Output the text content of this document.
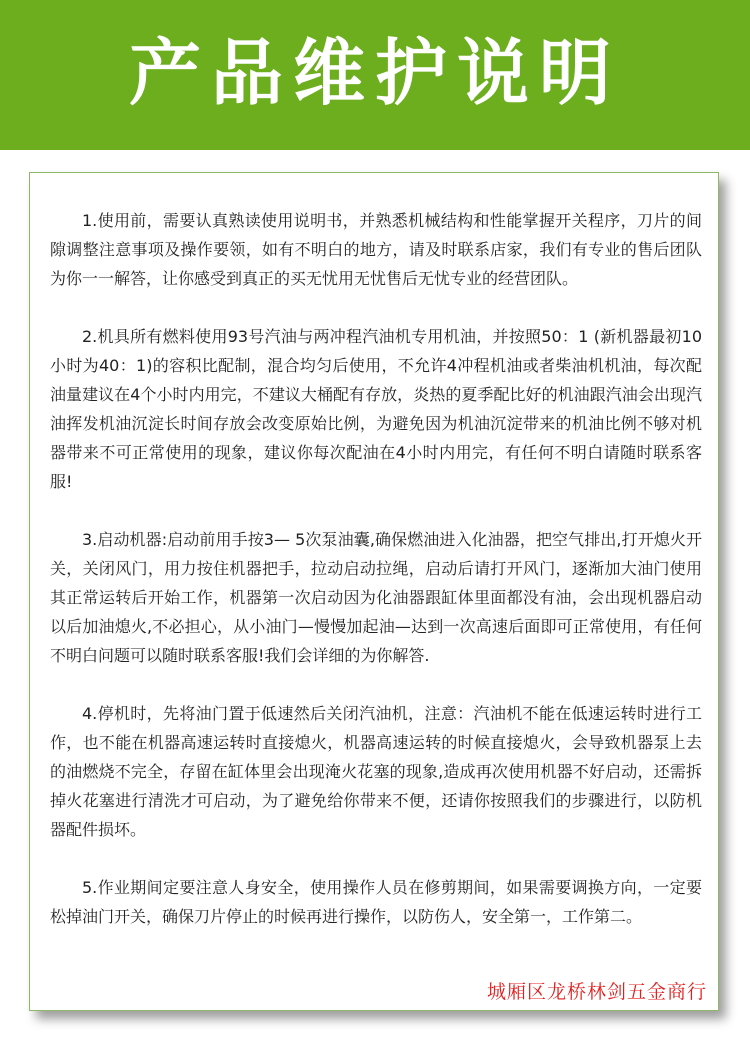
产品维护说明

1.使用前，需要认真熟读使用说明书，并熟悉机械结构和性能掌握开关程序，刀片的间隙调整注意事项及操作要领，如有不明白的地方，请及时联系店家，我们有专业的售后团队为你一一解答，让你感受到真正的买无忧用无忧售后无忧专业的经营团队。

2.机具所有燃料使用93号汽油与两冲程汽油机专用机油，并按照50：1 (新机器最初10小时为40：1)的容积比配制，混合均匀后使用，不允许4冲程机油或者柴油机机油，每次配油量建议在4个小时内用完，不建议大桶配有存放，炎热的夏季配比好的机油跟汽油会出现汽油挥发机油沉淀长时间存放会改变原始比例，为避免因为机油沉淀带来的机油比例不够对机器带来不可正常使用的现象，建议你每次配油在4小时内用完，有任何不明白请随时联系客服!

3.启动机器:启动前用手按3— 5次泵油囊,确保燃油进入化油器，把空气排出,打开熄火开关，关闭风门，用力按住机器把手，拉动启动拉绳，启动后请打开风门，逐渐加大油门使用其正常运转后开始工作，机器第一次启动因为化油器跟缸体里面都没有油，会出现机器启动以后加油熄火,不必担心，从小油门—慢慢加起油—达到一次高速后面即可正常使用，有任何不明白问题可以随时联系客服!我们会详细的为你解答.

4.停机时，先将油门置于低速然后关闭汽油机，注意：汽油机不能在低速运转时进行工作，也不能在机器高速运转时直接熄火，机器高速运转的时候直接熄火，会导致机器泵上去的油燃烧不完全，存留在缸体里会出现淹火花塞的现象,造成再次使用机器不好启动，还需拆掉火花塞进行清洗才可启动，为了避免给你带来不便，还请你按照我们的步骤进行，以防机器配件损坏。

5.作业期间定要注意人身安全，使用操作人员在修剪期间，如果需要调换方向，一定要松掉油门开关，确保刀片停止的时候再进行操作，以防伤人，安全第一，工作第二。

城厢区龙桥林剑五金商行
